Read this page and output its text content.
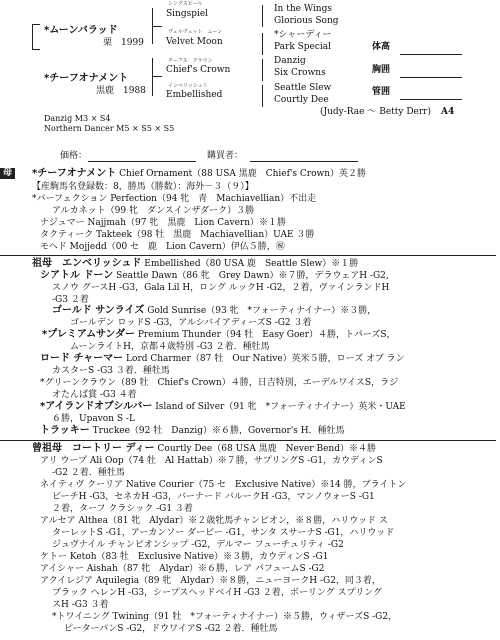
*ムーンバラッド
栗　1999
*チーフオナメント
黒鹿　1988
シングスピール
Singspiel
ヴェルヴェット　ムーン
Velvet Moon
チーフス　クラウン
Chief's Crown
インベリッシュト
Embellished
In the Wings
Glorious Song
*シャーディー
Park Special
Danzig
Six Crowns
Seattle Slew
Courtly Dee
(Judy-Rae ～ Betty Derr) A4
Danzig M3 × S4
Northern Dancer M5 × S5 × S5
体高
胸囲
管囲
価格：	購買者：
母	*チーフオナメント Chief Ornament（88 USA 黒鹿　Chief's Crown）英２勝
【産駒馬名登録数：8，勝馬（勝数）：海外－３（９）】
*パーフェクション Perfection（94 牝　青　Machiavellian）不出走
アルカネット（99 牝　ダンスインザダーク）３勝
ナジュマー Najjmah（97 牝　黒鹿　Lion Cavern）※１勝
タクティーク Takteek（98 牡　黒鹿　Machiavellian）UAE ３勝
モヘド Mojjedd（00 セ　鹿　Lion Cavern）伊仏５勝，㊗
祖母　エンベリッシュド Embellished（80 USA 鹿　Seattle Slew）※１勝
シアトル ドーン Seattle Dawn（86 牝　Grey Dawn）※７勝，デラウェアH -G2,
スノウ グースH -G3，Gala Lil H，ロング ルックH -G2，２着，ヴァインランドH
-G3 ２着
ゴールド サンライズ Gold Sunrise（93 牝　*フォーティナイナー）※３勝，
ゴールデン ロッドS -G3，アルシバイアディーズS -G2 ３着
*プレミアムサンダー Premium Thunder（94 牡　Easy Goer）４勝，トパーズS，
ムーンライトH，京都４歳特別 -G3 ２着．種牡馬
ロード チャーマー Lord Charmer（87 牡　Our Native）英米５勝，ローズ オブ ラン
カスターS -G3 ３着．種牡馬
*グリーンクラウン（89 牡　Chief's Crown）４勝，日吉特別，エーデルワイスS，ラジ
オたんぱ賞 -G3 ４着
*アイランドオブシルバー Island of Silver（91 牝　*フォーティナイナー）英米・UAE
６勝，Upavon S -L
トラッキー Truckee（92 牡　Danzig）※６勝，Governor's H．種牡馬
曾祖母　コートリー ディー Courtly Dee（68 USA 黒鹿　Never Bend）※４勝
アリ ウープ Ali Oop（74 牡　Al Hattab）※７勝，サプリングS -G1，カウディンS
-G2 ２着．種牡馬
ネイティヴ クーリア Native Courier（75 セ　Exclusive Native）※14 勝，ブライトン
ビーチH -G3，セネカH -G3，バーナード バルークH -G3，マンノウォーS -G1
２着，ターフ クラシック -G1 ３着
アルセア Althea（81 牝　Alydar）※２歳牝馬チャンピオン，※８勝，ハリウッド ス
ターレットS -G1，アーカンソー ダービー -G1，サンタ スサーナS -G1，ハリウッド
ジュヴナイル チャンピオンシップ -G2，デルマー フューチュリティ -G2
ケトー Ketoh（83 牡　Exclusive Native）※３勝，カウディンS -G1
アイシャー Aishah（87 牝　Alydar）※６勝，レア パフュームS -G2
アクイレジア Aquilegia（89 牝　Alydar）※８勝，ニューヨークH -G2，同３着，
ブラック ヘレンH -G3，シープスヘッドベイH -G3 ２着，ボーリング スプリング
スH -G3 ３着
*トワイニング Twining（91 牡　*フォーティナイナー）※５勝，ウィザーズS -G2，
ピーターパンS -G2，ドウワイアS -G2 ２着．種牡馬
